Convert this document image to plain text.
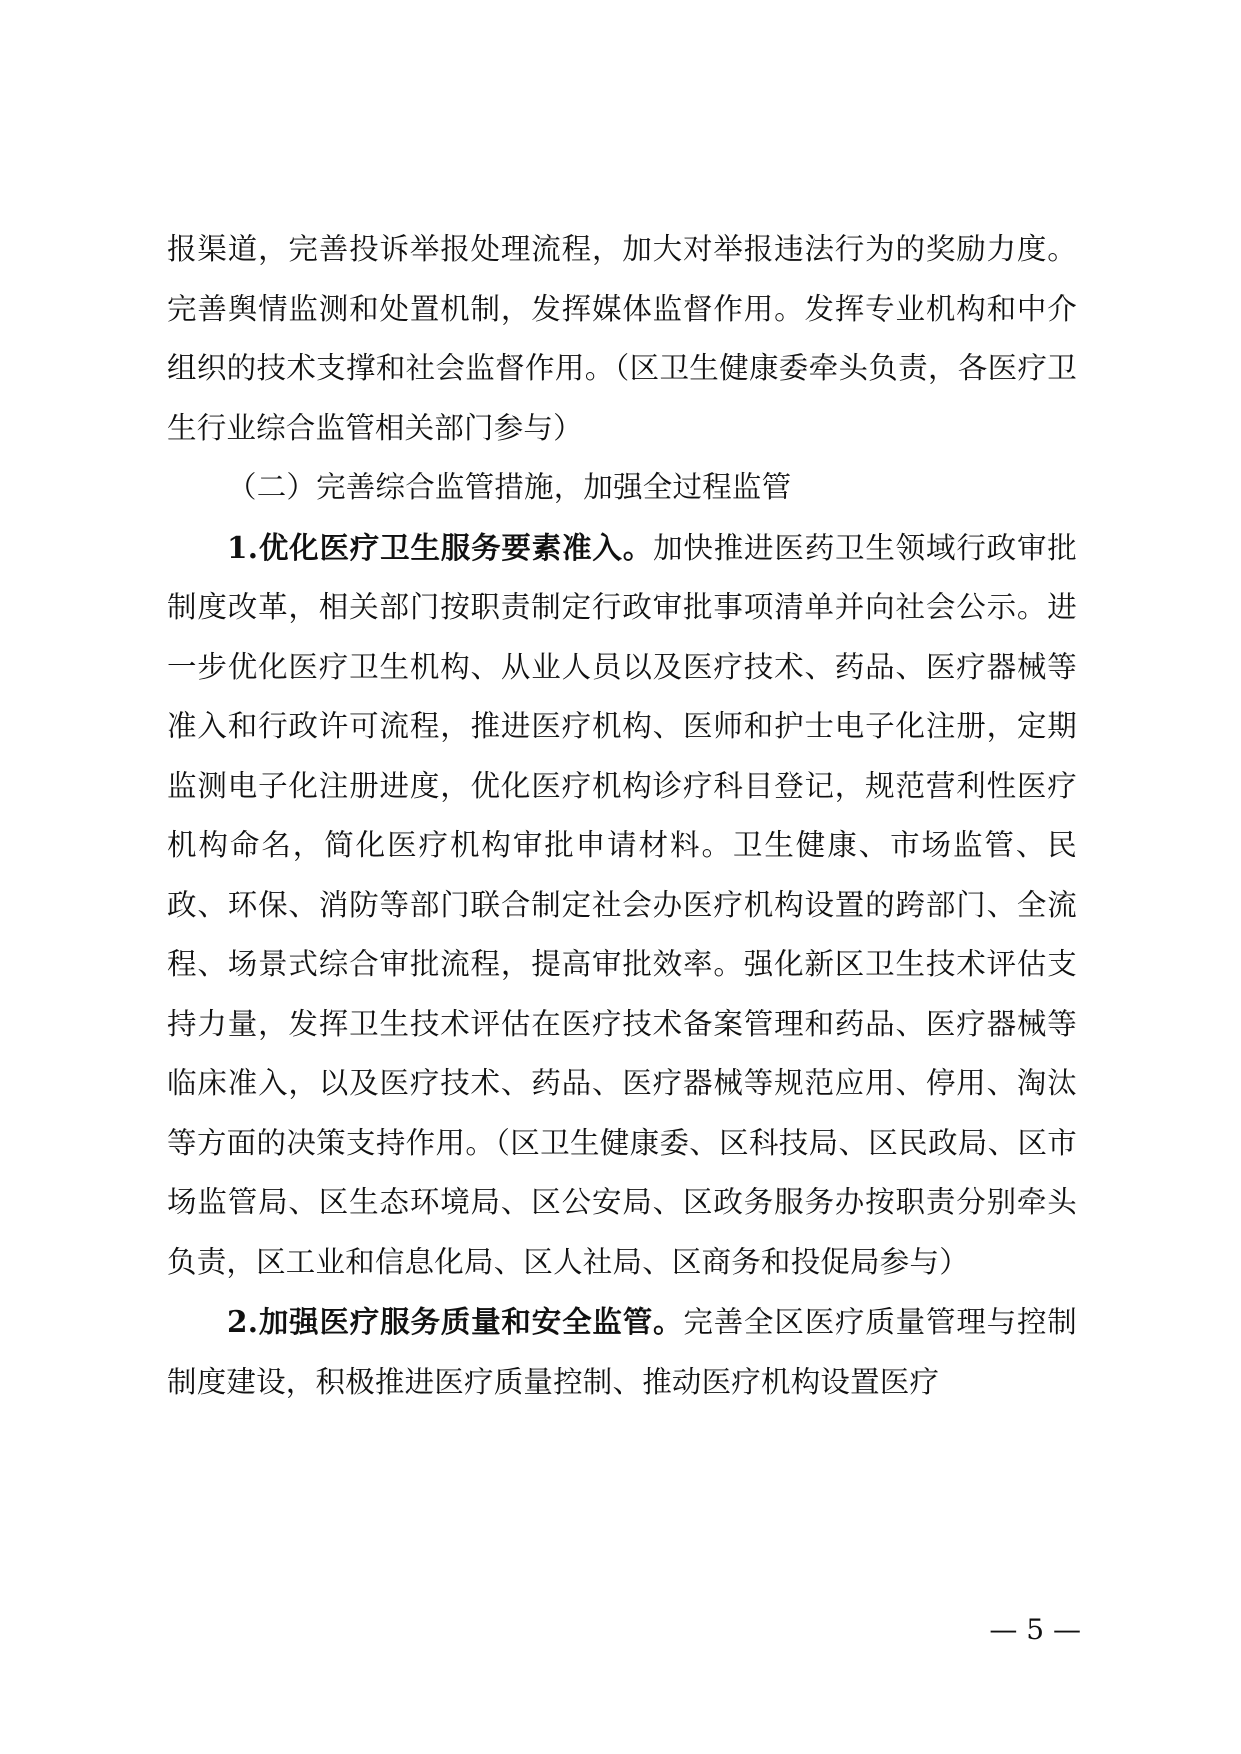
报渠道，完善投诉举报处理流程，加大对举报违法行为的奖励力度。完善舆情监测和处置机制，发挥媒体监督作用。发挥专业机构和中介组织的技术支撑和社会监督作用。（区卫生健康委牵头负责，各医疗卫生行业综合监管相关部门参与）

（二）完善综合监管措施，加强全过程监管

1.优化医疗卫生服务要素准入。加快推进医药卫生领域行政审批制度改革，相关部门按职责制定行政审批事项清单并向社会公示。进一步优化医疗卫生机构、从业人员以及医疗技术、药品、医疗器械等准入和行政许可流程，推进医疗机构、医师和护士电子化注册，定期监测电子化注册进度，优化医疗机构诊疗科目登记，规范营利性医疗机构命名，简化医疗机构审批申请材料。卫生健康、市场监管、民政、环保、消防等部门联合制定社会办医疗机构设置的跨部门、全流程、场景式综合审批流程，提高审批效率。强化新区卫生技术评估支持力量，发挥卫生技术评估在医疗技术备案管理和药品、医疗器械等临床准入，以及医疗技术、药品、医疗器械等规范应用、停用、淘汰等方面的决策支持作用。（区卫生健康委、区科技局、区民政局、区市场监管局、区生态环境局、区公安局、区政务服务办按职责分别牵头负责，区工业和信息化局、区人社局、区商务和投促局参与）

2.加强医疗服务质量和安全监管。完善全区医疗质量管理与控制制度建设，积极推进医疗质量控制、推动医疗机构设置医疗

— 5 —
